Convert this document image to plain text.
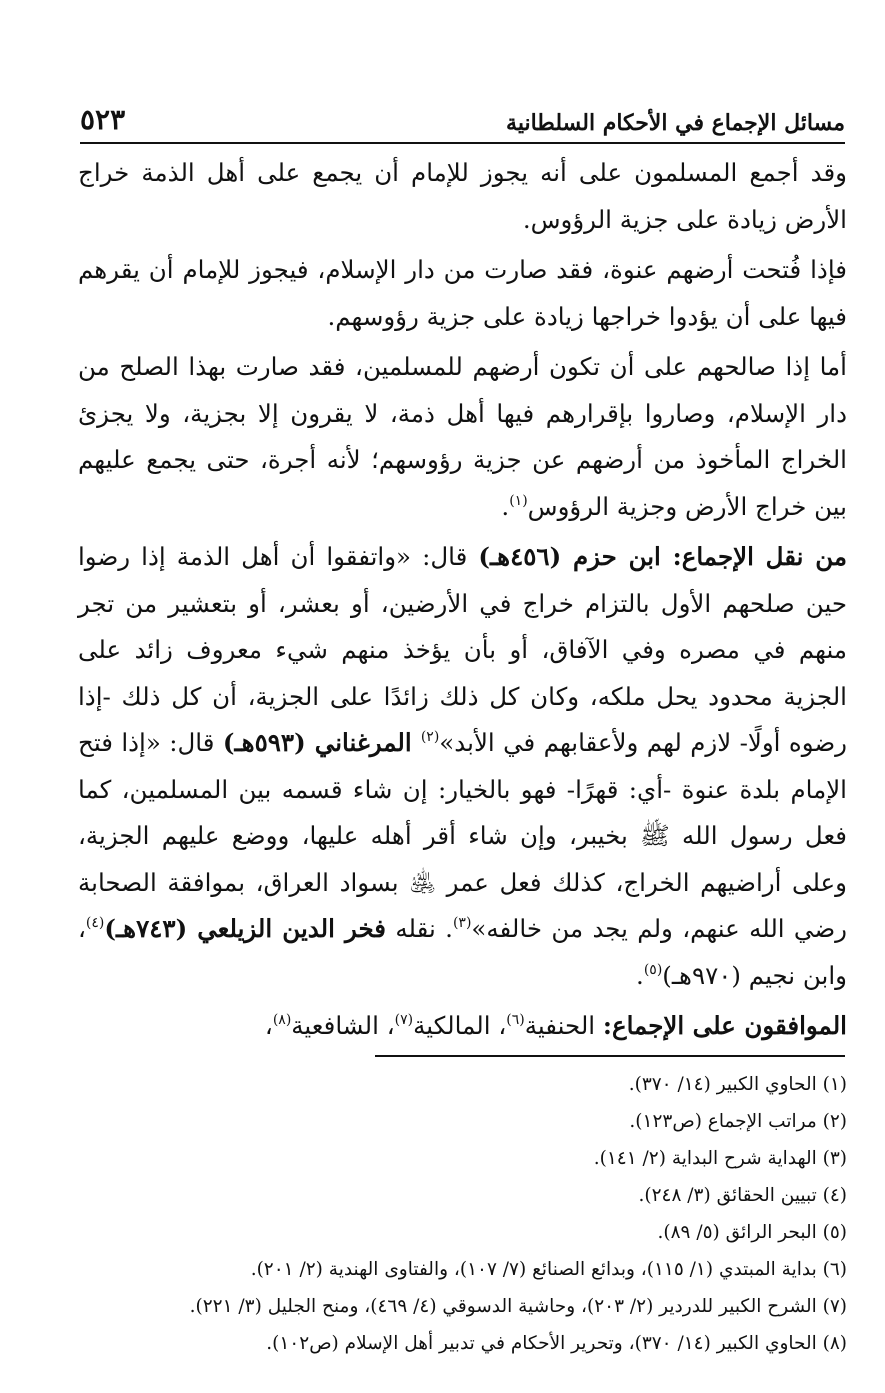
مسائل الإجماع في الأحكام السلطانية
٥٢٣

وقد أجمع المسلمون على أنه يجوز للإمام أن يجمع على أهل الذمة خراج الأرض زيادة على جزية الرؤوس.

فإذا فُتحت أرضهم عنوة، فقد صارت من دار الإسلام، فيجوز للإمام أن يقرهم فيها على أن يؤدوا خراجها زيادة على جزية رؤوسهم.

أما إذا صالحهم على أن تكون أرضهم للمسلمين، فقد صارت بهذا الصلح من دار الإسلام، وصاروا بإقرارهم فيها أهل ذمة، لا يقرون إلا بجزية، ولا يجزئ الخراج المأخوذ من أرضهم عن جزية رؤوسهم؛ لأنه أجرة، حتى يجمع عليهم بين خراج الأرض وجزية الرؤوس$^{(١)}$.

من نقل الإجماع: ابن حزم (٤٥٦هـ) قال: «واتفقوا أن أهل الذمة إذا رضوا حين صلحهم الأول بالتزام خراج في الأرضين، أو بعشر، أو بتعشير من تجر منهم في مصره وفي الآفاق، أو بأن يؤخذ منهم شيء معروف زائد على الجزية محدود يحل ملكه، وكان كل ذلك زائدًا على الجزية، أن كل ذلك -إذا رضوه أولًا- لازم لهم ولأعقابهم في الأبد»$^{(٢)}$ المرغناني (٥٩٣هـ) قال: «إذا فتح الإمام بلدة عنوة -أي: قهرًا- فهو بالخيار: إن شاء قسمه بين المسلمين، كما فعل رسول الله ﷺ بخيبر، وإن شاء أقر أهله عليها، ووضع عليهم الجزية، وعلى أراضيهم الخراج، كذلك فعل عمر ﵁ بسواد العراق، بموافقة الصحابة رضي الله عنهم، ولم يجد من خالفه»$^{(٣)}$. نقله فخر الدين الزيلعي (٧٤٣هـ)$^{(٤)}$، وابن نجيم (٩٧٠هـ)$^{(٥)}$.

الموافقون على الإجماع: الحنفية$^{(٦)}$، المالكية$^{(٧)}$، الشافعية$^{(٨)}$،

(١) الحاوي الكبير (١٤/ ٣٧٠).
(٢) مراتب الإجماع (ص١٢٣).
(٣) الهداية شرح البداية (٢/ ١٤١).
(٤) تبيين الحقائق (٣/ ٢٤٨).
(٥) البحر الرائق (٥/ ٨٩).
(٦) بداية المبتدي (١/ ١١٥)، وبدائع الصنائع (٧/ ١٠٧)، والفتاوى الهندية (٢/ ٢٠١).
(٧) الشرح الكبير للدردير (٢/ ٢٠٣)، وحاشية الدسوقي (٤/ ٤٦٩)، ومنح الجليل (٣/ ٢٢١).
(٨) الحاوي الكبير (١٤/ ٣٧٠)، وتحرير الأحكام في تدبير أهل الإسلام (ص١٠٢).
